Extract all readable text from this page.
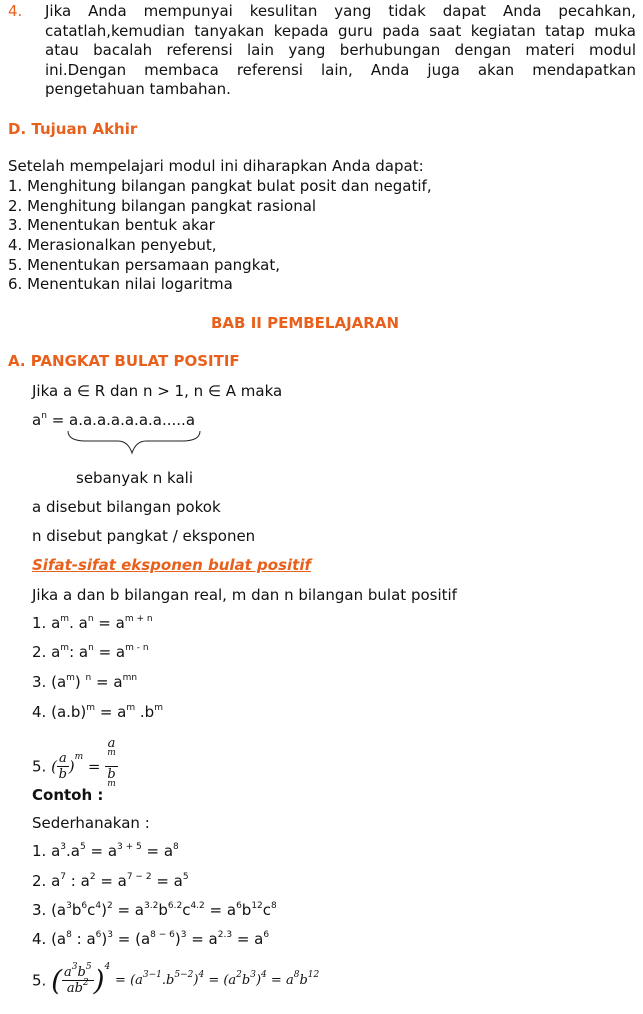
4. Jika Anda mempunyai kesulitan yang tidak dapat Anda pecahkan, catatlah,kemudian tanyakan kepada guru pada saat kegiatan tatap muka atau bacalah referensi lain yang berhubungan dengan materi modul ini.Dengan membaca referensi lain, Anda juga akan mendapatkan pengetahuan tambahan.
D. Tujuan Akhir
Setelah mempelajari modul ini diharapkan Anda dapat:
1. Menghitung bilangan pangkat bulat posit dan negatif,
2. Menghitung bilangan pangkat rasional
3. Menentukan bentuk akar
4. Merasionalkan penyebut,
5. Menentukan persamaan pangkat,
6. Menentukan nilai logaritma
BAB II PEMBELAJARAN
A. PANGKAT BULAT POSITIF
Jika a ∈ R dan n > 1, n ∈ A maka
$a^n = a.a.a.a.a.a.a.....a$
sebanyak n kali
a disebut bilangan pokok
n disebut pangkat / eksponen
Sifat-sifat eksponen bulat positif
Jika a dan b bilangan real, m dan n bilangan bulat positif
1. $a^m$. $a^n = a^{m + n}$
2. $a^m$: $a^n = a^{m - n}$
3. $(a^m) ^n = a^{mn}$
4. $(a.b)^m = a^m$ $.b^m$
5. ( $\frac{a}{b} )^m = a$
$^m$
b
$^m$
Contoh :
Sederhanakan :
1. $a^3.a^5 = a^{3 + 5} = a^8$
2. $a^7$ : $a^2 = a^{7 - 2} = a^5$
3. $(a^3b^6c^4)^2 = a^{3.2}b^{6.2}c^{4.2} = a^6b^{12}c^8$
4. ($a^8$ : $a^6)^3 = (a^{8 - 6})^3 = a^{2.3} = a^6$
5. ( $\frac{a^3b^5}{ab^2} )^4 = (a^{3-1}.b^{5-2})^4 = (a^2b^3)^4 = a^8b^{12}$
